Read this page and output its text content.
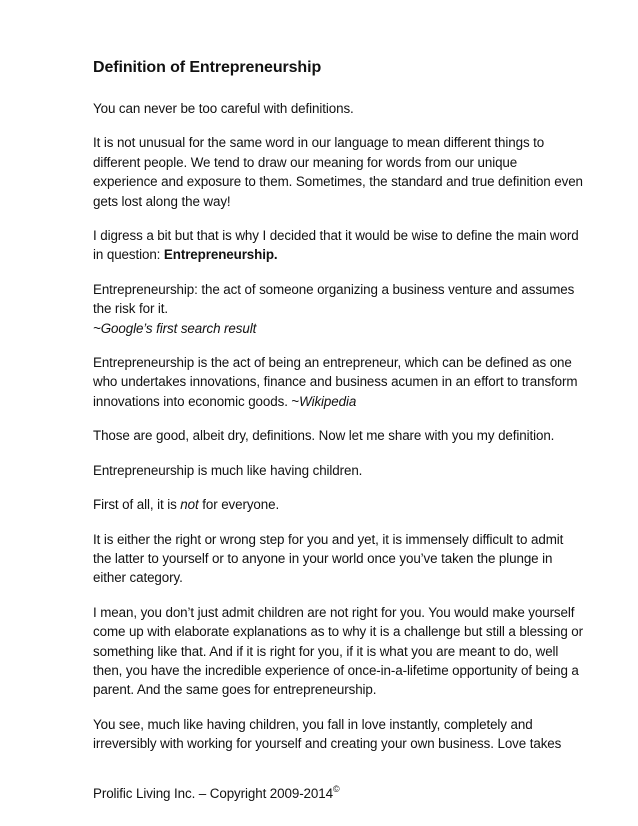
Definition of Entrepreneurship

You can never be too careful with definitions.

It is not unusual for the same word in our language to mean different things to different people. We tend to draw our meaning for words from our unique experience and exposure to them. Sometimes, the standard and true definition even gets lost along the way!

I digress a bit but that is why I decided that it would be wise to define the main word in question: Entrepreneurship.

Entrepreneurship: the act of someone organizing a business venture and assumes the risk for it.
~Google’s first search result

Entrepreneurship is the act of being an entrepreneur, which can be defined as one who undertakes innovations, finance and business acumen in an effort to transform innovations into economic goods. ~Wikipedia

Those are good, albeit dry, definitions. Now let me share with you my definition.

Entrepreneurship is much like having children.

First of all, it is not for everyone.

It is either the right or wrong step for you and yet, it is immensely difficult to admit the latter to yourself or to anyone in your world once you’ve taken the plunge in either category.

I mean, you don’t just admit children are not right for you. You would make yourself come up with elaborate explanations as to why it is a challenge but still a blessing or something like that. And if it is right for you, if it is what you are meant to do, well then, you have the incredible experience of once-in-a-lifetime opportunity of being a parent. And the same goes for entrepreneurship.

You see, much like having children, you fall in love instantly, completely and irreversibly with working for yourself and creating your own business. Love takes

Prolific Living Inc. – Copyright 2009-2014©
